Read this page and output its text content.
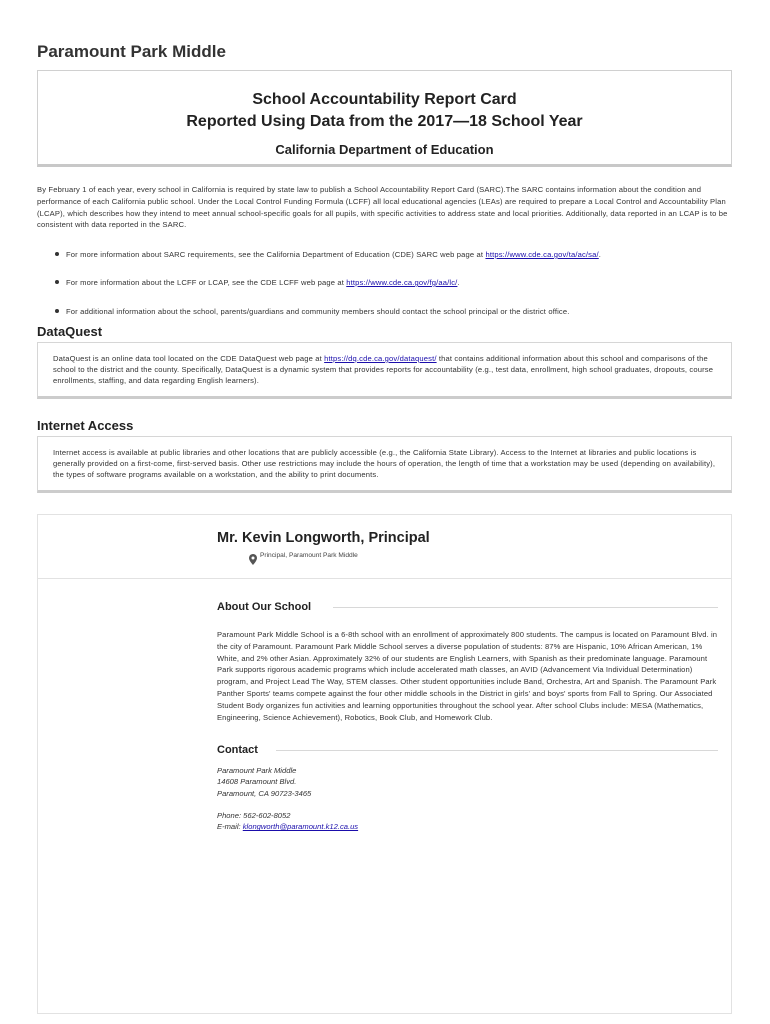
Paramount Park Middle
School Accountability Report Card
Reported Using Data from the 2017—18 School Year
California Department of Education
By February 1 of each year, every school in California is required by state law to publish a School Accountability Report Card (SARC).The SARC contains information about the condition and performance of each California public school. Under the Local Control Funding Formula (LCFF) all local educational agencies (LEAs) are required to prepare a Local Control and Accountability Plan (LCAP), which describes how they intend to meet annual school-specific goals for all pupils, with specific activities to address state and local priorities. Additionally, data reported in an LCAP is to be consistent with data reported in the SARC.
For more information about SARC requirements, see the California Department of Education (CDE) SARC web page at https://www.cde.ca.gov/ta/ac/sa/.
For more information about the LCFF or LCAP, see the CDE LCFF web page at https://www.cde.ca.gov/fg/aa/lc/.
For additional information about the school, parents/guardians and community members should contact the school principal or the district office.
DataQuest
DataQuest is an online data tool located on the CDE DataQuest web page at https://dq.cde.ca.gov/dataquest/ that contains additional information about this school and comparisons of the school to the district and the county. Specifically, DataQuest is a dynamic system that provides reports for accountability (e.g., test data, enrollment, high school graduates, dropouts, course enrollments, staffing, and data regarding English learners).
Internet Access
Internet access is available at public libraries and other locations that are publicly accessible (e.g., the California State Library). Access to the Internet at libraries and public locations is generally provided on a first-come, first-served basis. Other use restrictions may include the hours of operation, the length of time that a workstation may be used (depending on availability), the types of software programs available on a workstation, and the ability to print documents.
Mr. Kevin Longworth, Principal
Principal, Paramount Park Middle
About Our School
Paramount Park Middle School is a 6-8th school with an enrollment of approximately 800 students. The campus is located on Paramount Blvd. in the city of Paramount. Paramount Park Middle School serves a diverse population of students: 87% are Hispanic, 10% African American, 1% White, and 2% other Asian. Approximately 32% of our students are English Learners, with Spanish as their predominate language. Paramount Park supports rigorous academic programs which include accelerated math classes, an AVID (Advancement Via Individual Determination) program, and Project Lead The Way, STEM classes. Other student opportunities include Band, Orchestra, Art and Spanish. The Paramount Park Panther Sports' teams compete against the four other middle schools in the District in girls' and boys' sports from Fall to Spring. Our Associated Student Body organizes fun activities and learning opportunities throughout the school year. After school Clubs include: MESA (Mathematics, Engineering, Science Achievement), Robotics, Book Club, and Homework Club.
Contact
Paramount Park Middle
14608 Paramount Blvd.
Paramount, CA 90723-3465
Phone: 562-602-8052
E-mail: klongworth@paramount.k12.ca.us
